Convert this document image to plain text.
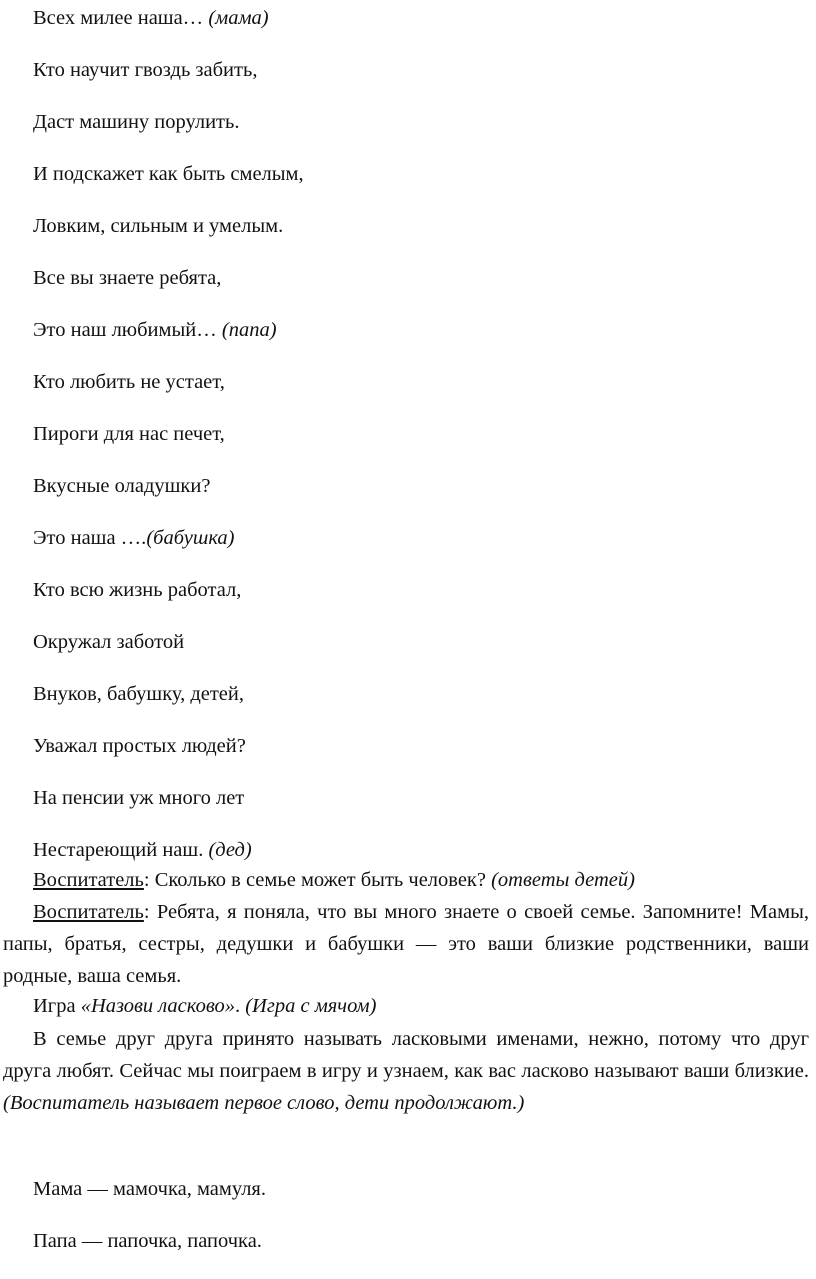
Всех милее наша… (мама)
Кто научит гвоздь забить,
Даст машину порулить.
И подскажет как быть смелым,
Ловким, сильным и умелым.
Все вы знаете ребята,
Это наш любимый… (папа)
Кто любить не устает,
Пироги для нас печет,
Вкусные оладушки?
Это наша ….(бабушка)
Кто всю жизнь работал,
Окружал заботой
Внуков, бабушку, детей,
Уважал простых людей?
На пенсии уж много лет
Нестареющий наш. (дед)
Воспитатель: Сколько в семье может быть человек? (ответы детей)
Воспитатель: Ребята, я поняла, что вы много знаете о своей семье. Запомните! Мамы, папы, братья, сестры, дедушки и бабушки — это ваши близкие родственники, ваши родные, ваша семья.
Игра «Назови ласково». (Игра с мячом)
В семье друг друга принято называть ласковыми именами, нежно, потому что друг друга любят. Сейчас мы поиграем в игру и узнаем, как вас ласково называют ваши близкие. (Воспитатель называет первое слово, дети продолжают.)
Мама — мамочка, мамуля.
Папа — папочка, папочка.
